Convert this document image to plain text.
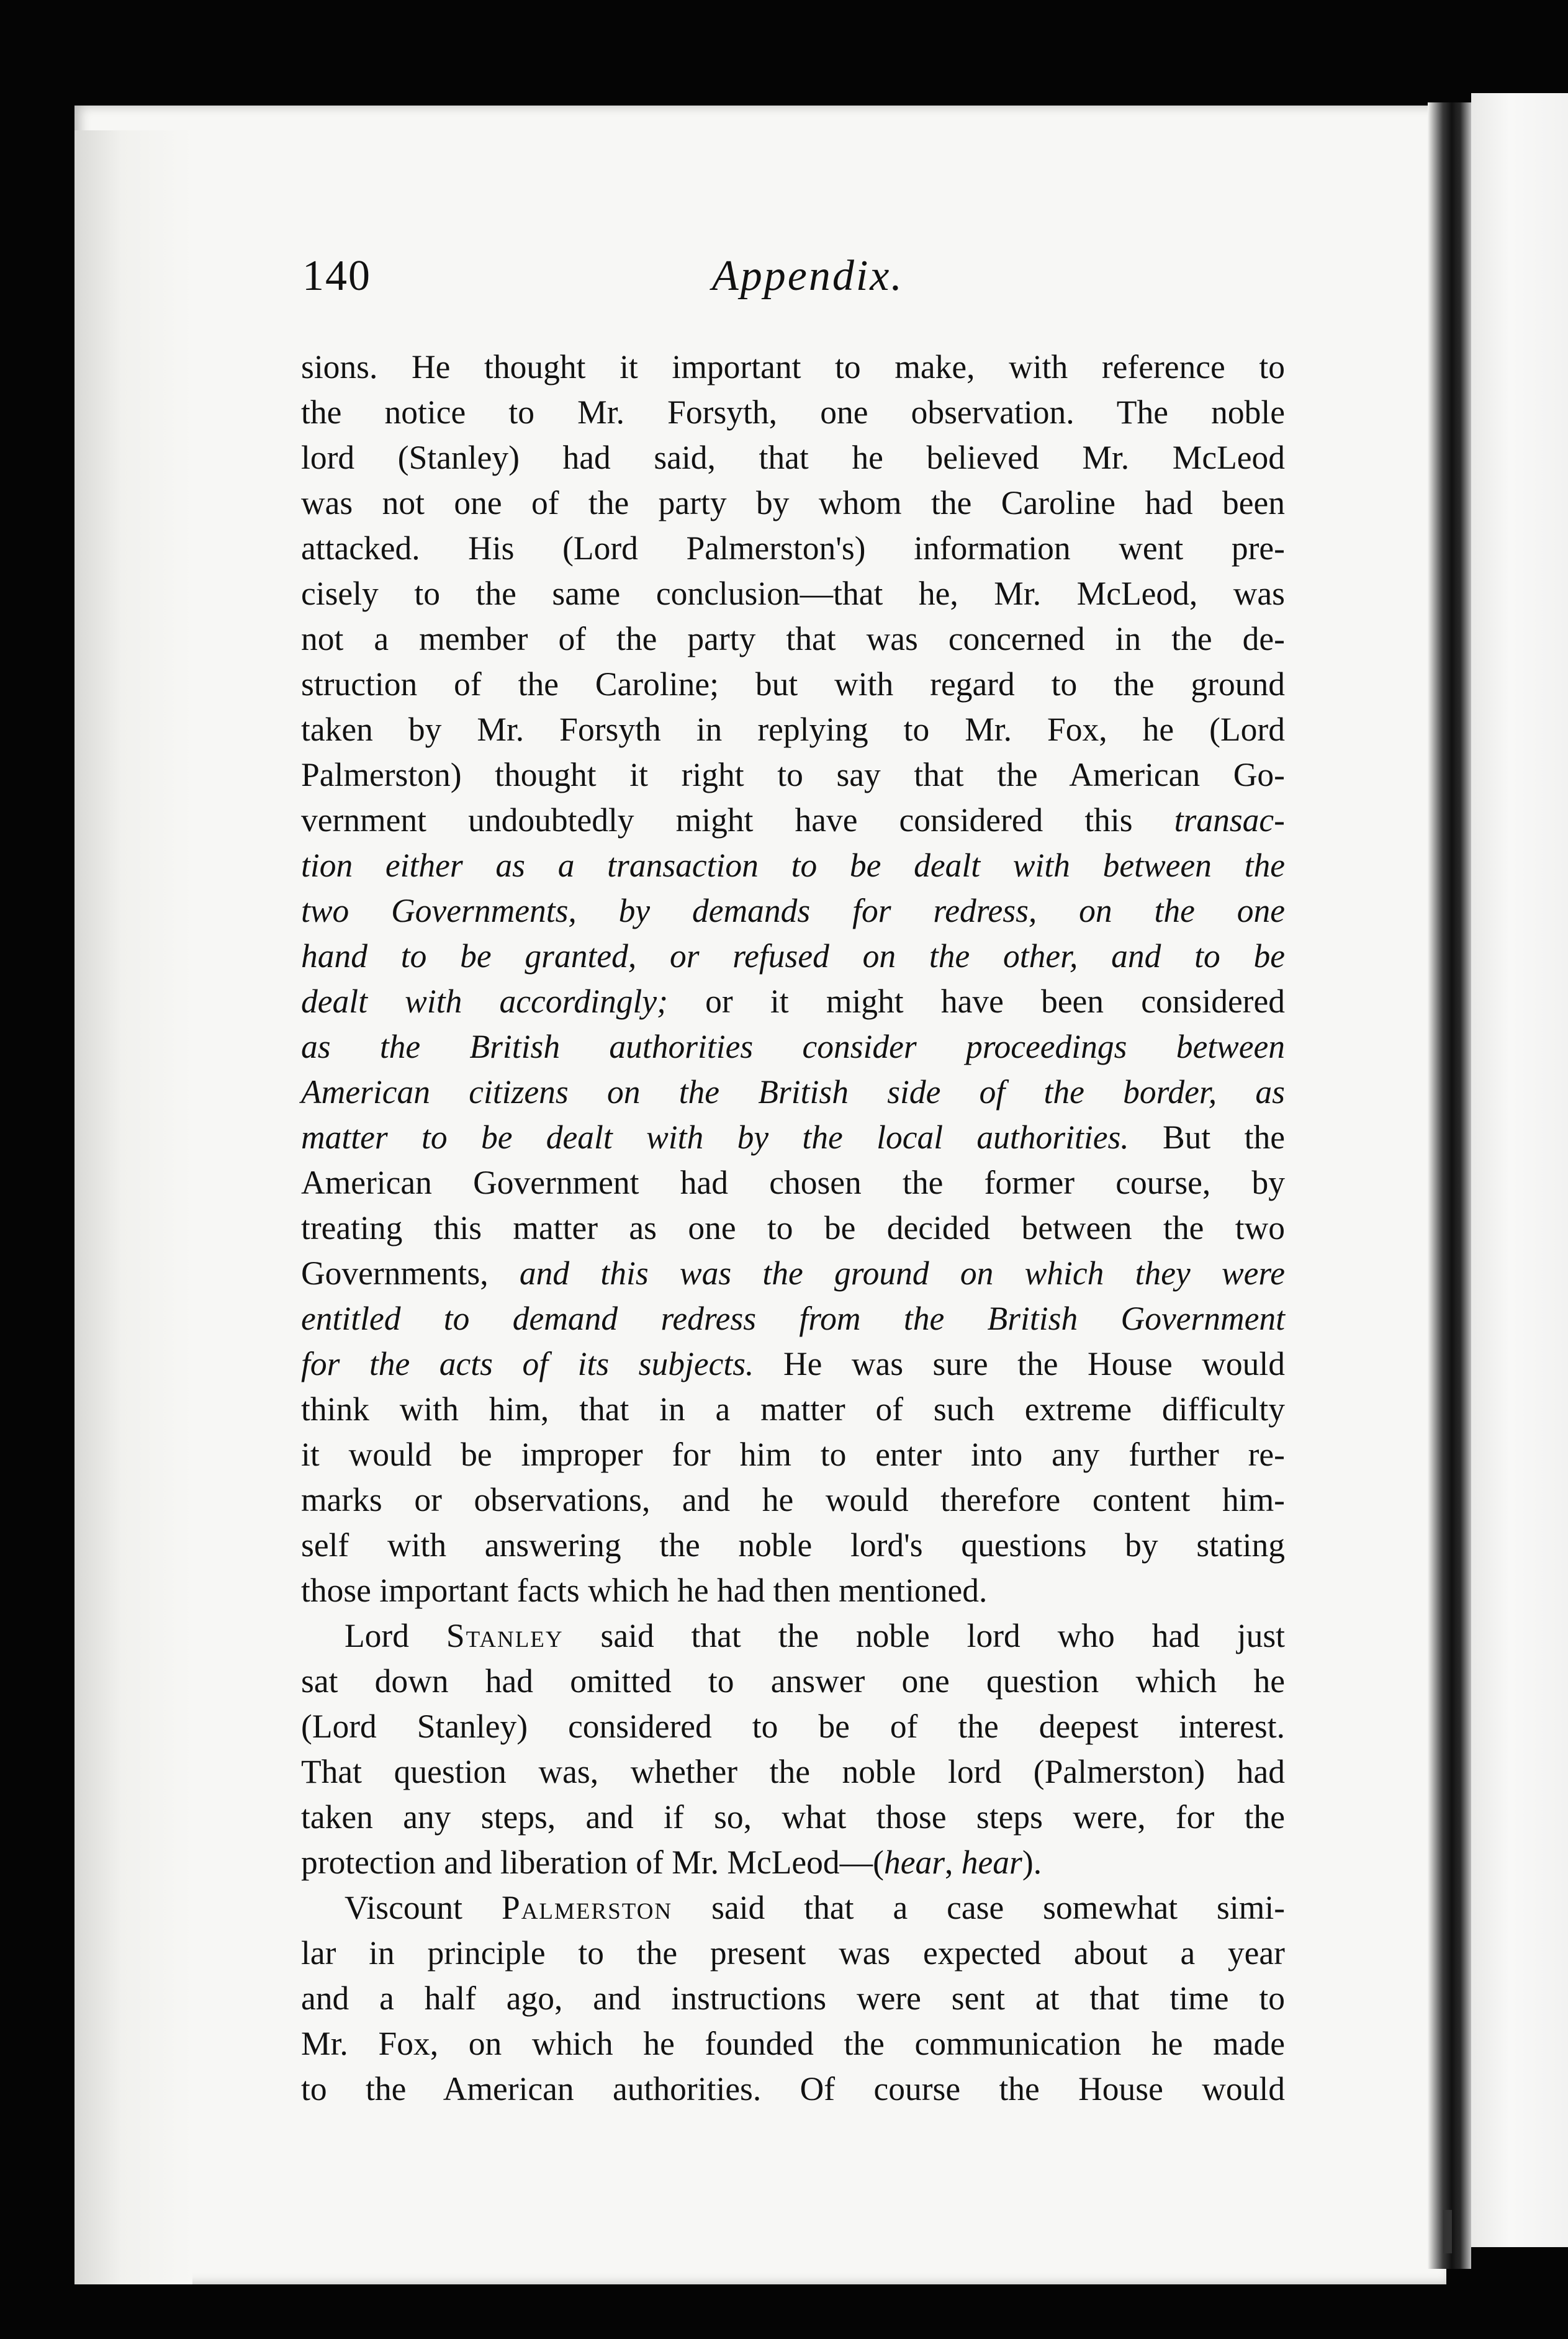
140	Appendix.
sions. He thought it important to make, with reference to
the notice to Mr. Forsyth, one observation. The noble
lord (Stanley) had said, that he believed Mr. McLeod
was not one of the party by whom the Caroline had been
attacked. His (Lord Palmerston's) information went pre-
cisely to the same conclusion—that he, Mr. McLeod, was
not a member of the party that was concerned in the de-
struction of the Caroline; but with regard to the ground
taken by Mr. Forsyth in replying to Mr. Fox, he (Lord
Palmerston) thought it right to say that the American Go-
vernment undoubtedly might have considered this transac-
tion either as a transaction to be dealt with between the
two Governments, by demands for redress, on the one
hand to be granted, or refused on the other, and to be
dealt with accordingly; or it might have been considered
as the British authorities consider proceedings between
American citizens on the British side of the border, as
matter to be dealt with by the local authorities. But the
American Government had chosen the former course, by
treating this matter as one to be decided between the two
Governments, and this was the ground on which they were
entitled to demand redress from the British Government
for the acts of its subjects. He was sure the House would
think with him, that in a matter of such extreme difficulty
it would be improper for him to enter into any further re-
marks or observations, and he would therefore content him-
self with answering the noble lord's questions by stating
those important facts which he had then mentioned.
Lord Stanley said that the noble lord who had just
sat down had omitted to answer one question which he
(Lord Stanley) considered to be of the deepest interest.
That question was, whether the noble lord (Palmerston) had
taken any steps, and if so, what those steps were, for the
protection and liberation of Mr. McLeod—(hear, hear).
Viscount Palmerston said that a case somewhat simi-
lar in principle to the present was expected about a year
and a half ago, and instructions were sent at that time to
Mr. Fox, on which he founded the communication he made
to the American authorities. Of course the House would
